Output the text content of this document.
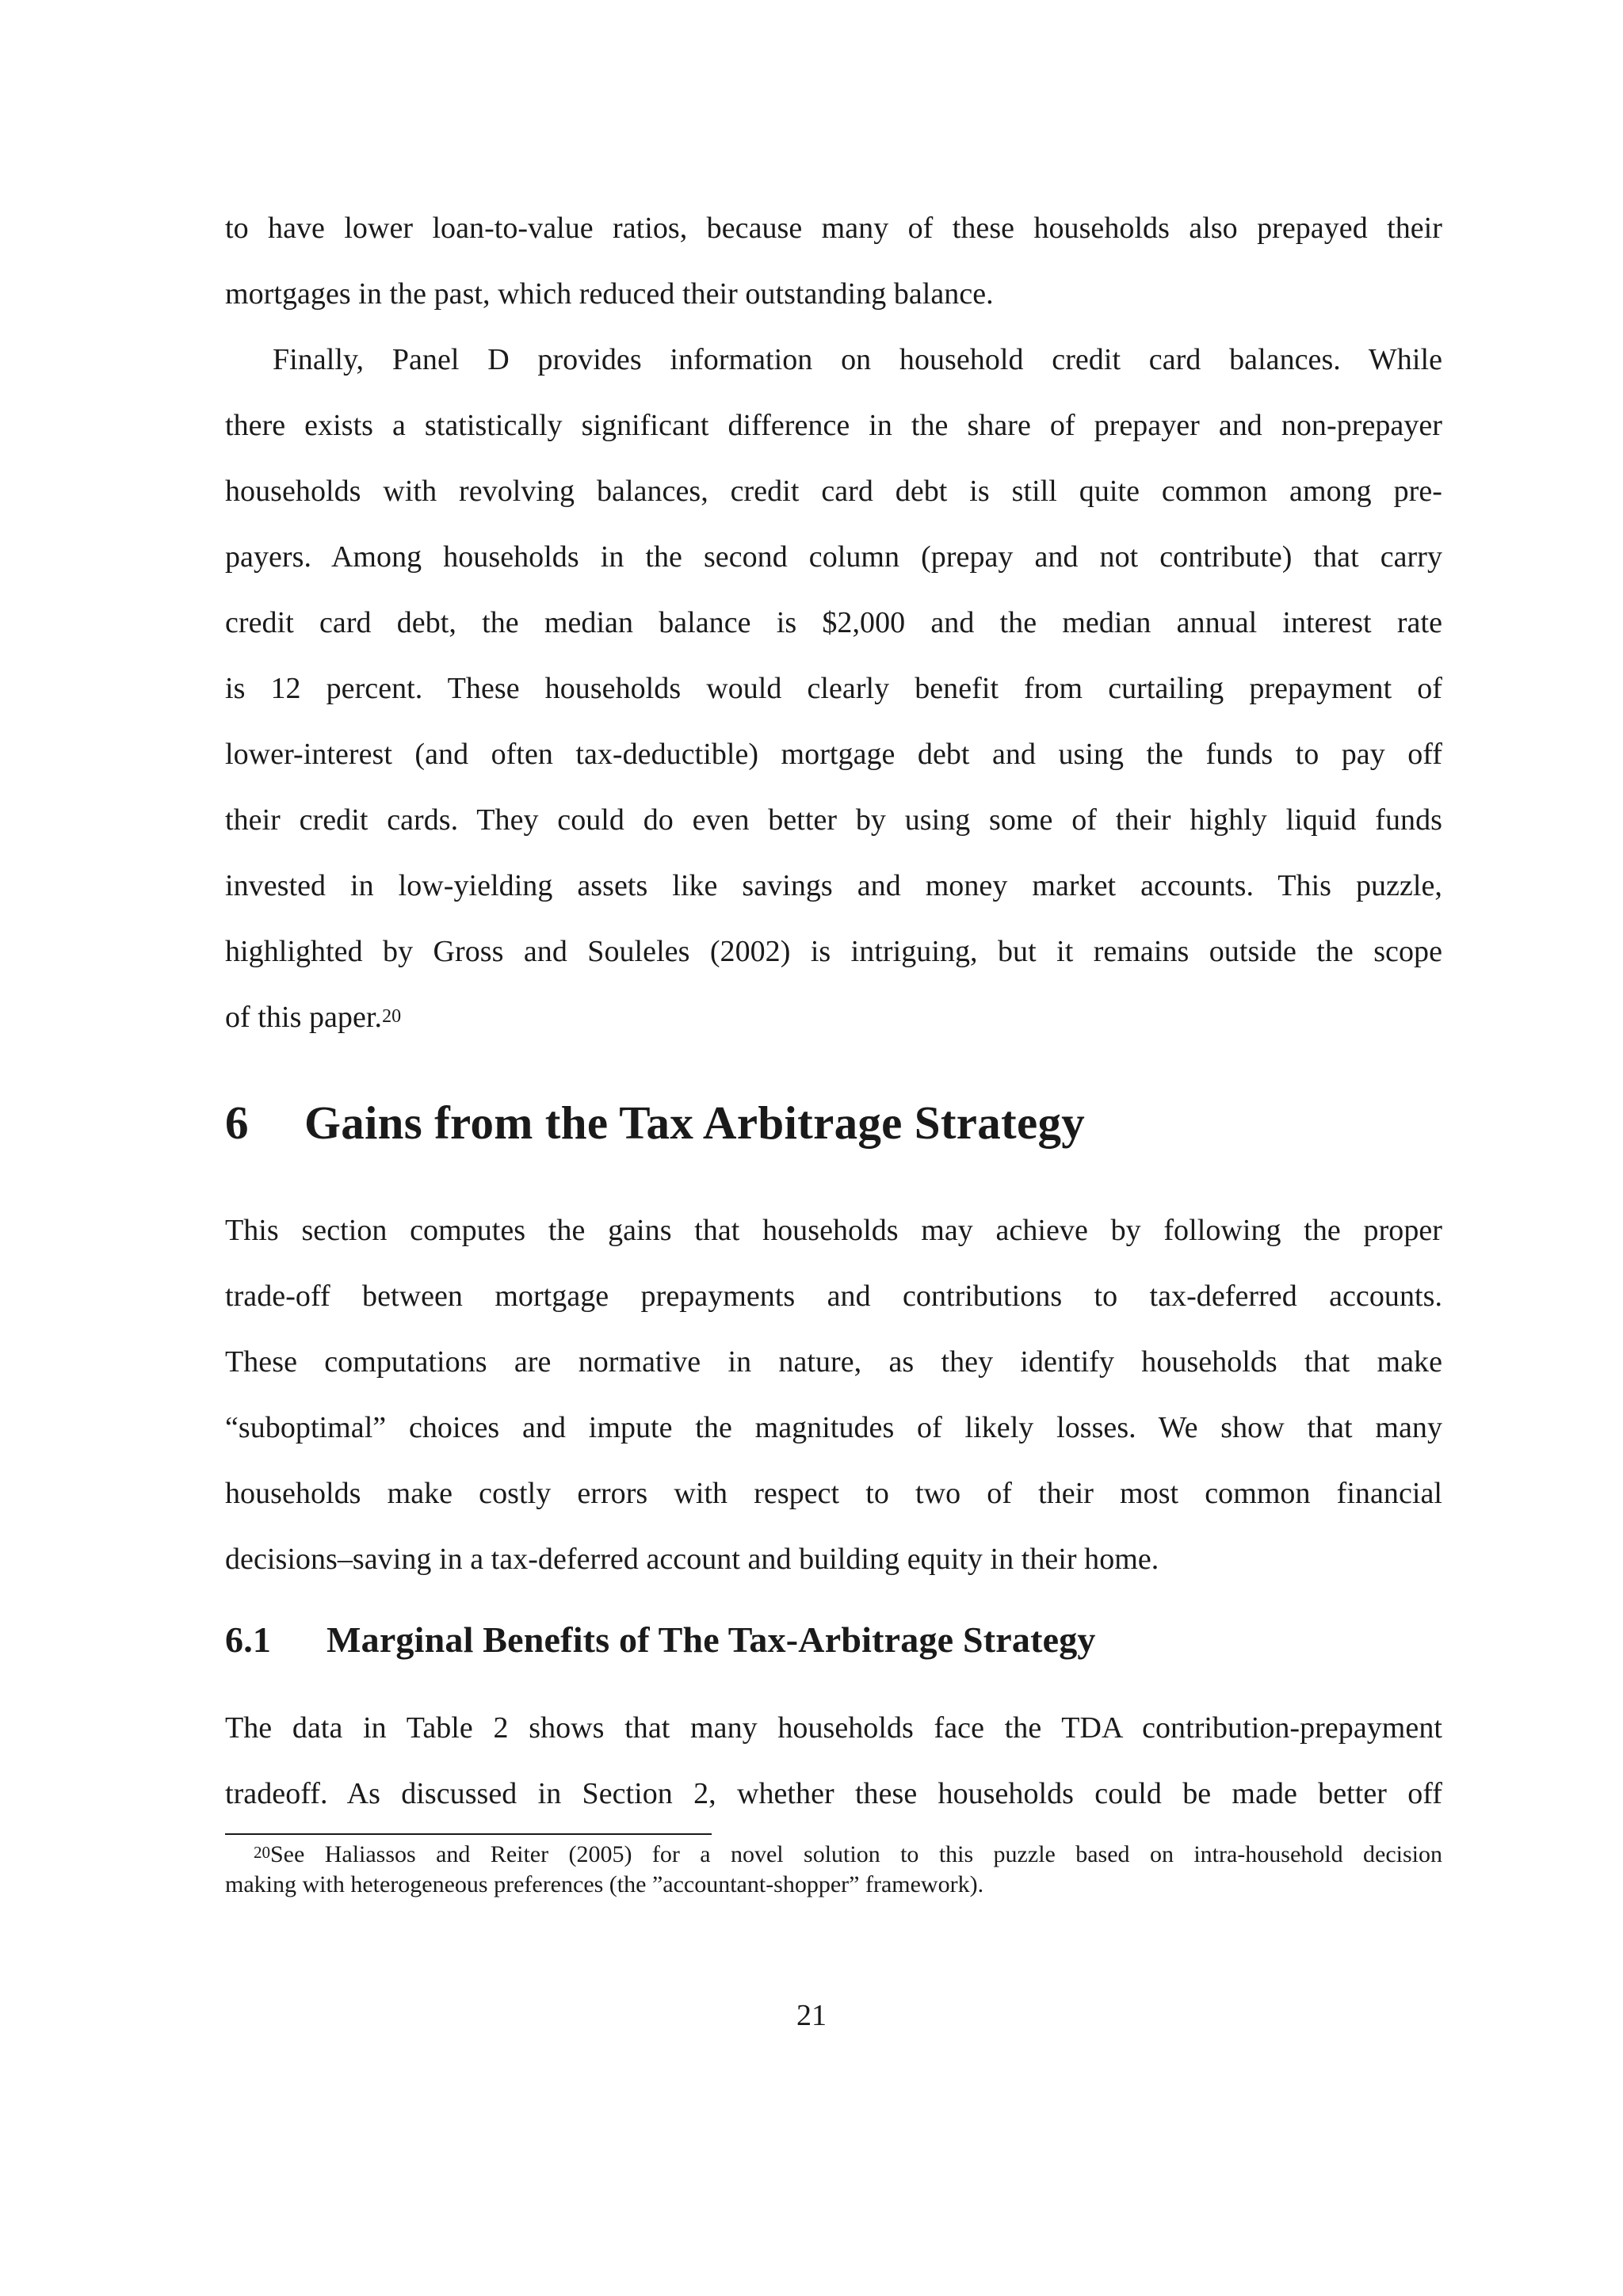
to have lower loan-to-value ratios, because many of these households also prepayed their
mortgages in the past, which reduced their outstanding balance.
Finally, Panel D provides information on household credit card balances. While
there exists a statistically significant difference in the share of prepayer and non-prepayer
households with revolving balances, credit card debt is still quite common among pre-
payers. Among households in the second column (prepay and not contribute) that carry
credit card debt, the median balance is $2,000 and the median annual interest rate
is 12 percent. These households would clearly benefit from curtailing prepayment of
lower-interest (and often tax-deductible) mortgage debt and using the funds to pay off
their credit cards. They could do even better by using some of their highly liquid funds
invested in low-yielding assets like savings and money market accounts. This puzzle,
highlighted by Gross and Souleles (2002) is intriguing, but it remains outside the scope
of this paper.$^{20}$
6 Gains from the Tax Arbitrage Strategy
This section computes the gains that households may achieve by following the proper
trade-off between mortgage prepayments and contributions to tax-deferred accounts.
These computations are normative in nature, as they identify households that make
“suboptimal” choices and impute the magnitudes of likely losses. We show that many
households make costly errors with respect to two of their most common financial
decisions–saving in a tax-deferred account and building equity in their home.
6.1 Marginal Benefits of The Tax-Arbitrage Strategy
The data in Table 2 shows that many households face the TDA contribution-prepayment
tradeoff. As discussed in Section 2, whether these households could be made better off
$^{20}$See Haliassos and Reiter (2005) for a novel solution to this puzzle based on intra-household decision
making with heterogeneous preferences (the ”accountant-shopper” framework).
21
